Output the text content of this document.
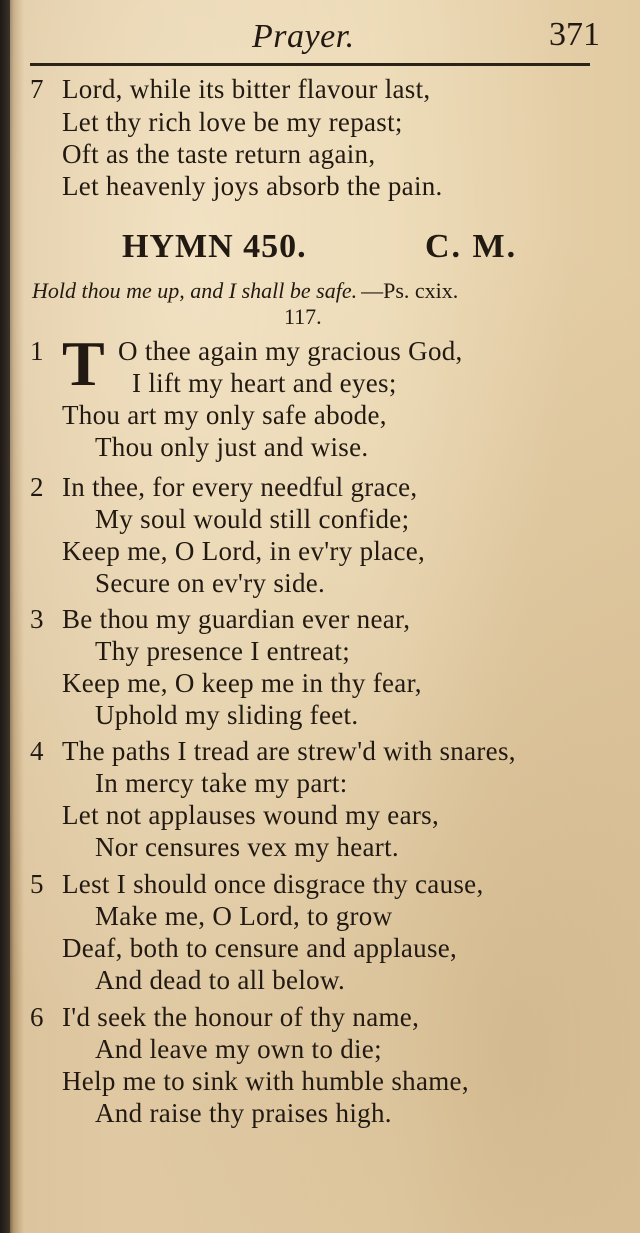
Prayer.	371
7 Lord, while its bitter flavour last,
Let thy rich love be my repast;
Oft as the taste return again,
Let heavenly joys absorb the pain.
HYMN 450.	C. M.
Hold thou me up, and I shall be safe. —Ps. cxix.
117.
1 T O thee again my gracious God,
I lift my heart and eyes;
Thou art my only safe abode,
Thou only just and wise.
2 In thee, for every needful grace,
My soul would still confide;
Keep me, O Lord, in ev'ry place,
Secure on ev'ry side.
3 Be thou my guardian ever near,
Thy presence I entreat;
Keep me, O keep me in thy fear,
Uphold my sliding feet.
4 The paths I tread are strew'd with snares,
In mercy take my part:
Let not applauses wound my ears,
Nor censures vex my heart.
5 Lest I should once disgrace thy cause,
Make me, O Lord, to grow
Deaf, both to censure and applause,
And dead to all below.
6 I'd seek the honour of thy name,
And leave my own to die;
Help me to sink with humble shame,
And raise thy praises high.
